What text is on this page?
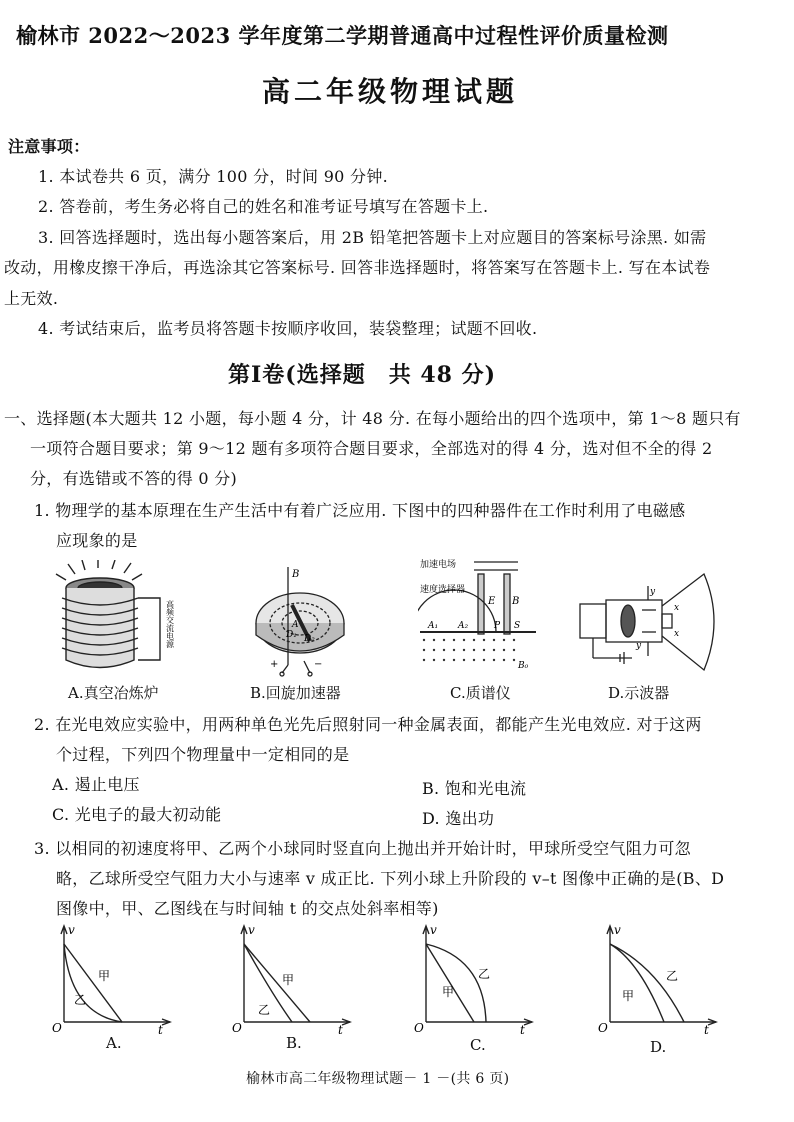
榆林市 2022～2023 学年度第二学期普通高中过程性评价质量检测
高二年级物理试题
注意事项：
1. 本试卷共 6 页，满分 100 分，时间 90 分钟.
2. 答卷前，考生务必将自己的姓名和准考证号填写在答题卡上.
3. 回答选择题时，选出每小题答案后，用 2B 铅笔把答题卡上对应题目的答案标号涂黑. 如需
改动，用橡皮擦干净后，再选涂其它答案标号. 回答非选择题时，将答案写在答题卡上. 写在本试卷
上无效.
4. 考试结束后，监考员将答题卡按顺序收回，装袋整理；试题不回收.
第Ⅰ卷(选择题　共 48 分)
一、选择题(本大题共 12 小题，每小题 4 分，计 48 分. 在每小题给出的四个选项中，第 1～8 题只有
一项符合题目要求；第 9～12 题有多项符合题目要求，全部选对的得 4 分，选对但不全的得 2
分，有选错或不答的得 0 分)
1. 物理学的基本原理在生产生活中有着广泛应用. 下图中的四种器件在工作时利用了电磁感
应现象的是
高频交流电源
A.真空冶炼炉
B
A
D₁ D₂
+	−
B.回旋加速器
加速电场
速度选择器
E B
A₁ A₂	P S
B₀
C.质谱仪
y
x
y
x
D.示波器
2. 在光电效应实验中，用两种单色光先后照射同一种金属表面，都能产生光电效应. 对于这两
个过程，下列四个物理量中一定相同的是
A. 遏止电压	B. 饱和光电流
C. 光电子的最大初动能	D. 逸出功
3. 以相同的初速度将甲、乙两个小球同时竖直向上抛出并开始计时，甲球所受空气阻力可忽
略，乙球所受空气阻力大小与速率 v 成正比. 下列小球上升阶段的 v–t 图像中正确的是(B、D
图像中，甲、乙图线在与时间轴 t 的交点处斜率相等)
v
t
O
甲
乙
A.
v
t
O
甲
乙
B.
v
t
O
甲
乙
C.
v
t
O
甲
乙
D.
榆林市高二年级物理试题－ 1 －(共 6 页)
